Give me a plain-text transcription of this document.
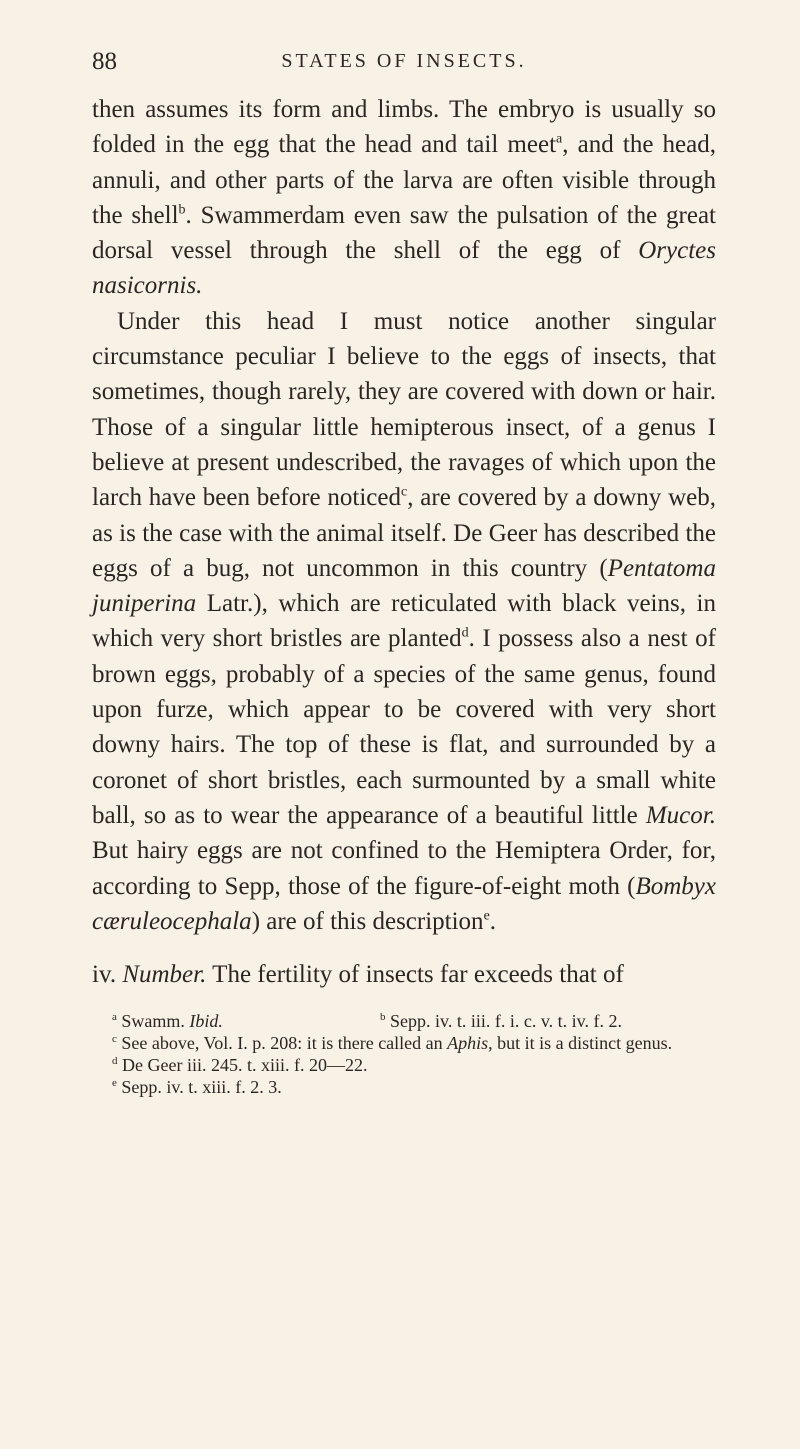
88	STATES OF INSECTS.

then assumes its form and limbs. The embryo is usually so folded in the egg that the head and tail meet$^a$, and the head, annuli, and other parts of the larva are often visible through the shell$^b$. Swammerdam even saw the pulsation of the great dorsal vessel through the shell of the egg of Oryctes nasicornis.

Under this head I must notice another singular circumstance peculiar I believe to the eggs of insects, that sometimes, though rarely, they are covered with down or hair. Those of a singular little hemipterous insect, of a genus I believe at present undescribed, the ravages of which upon the larch have been before noticed$^c$, are covered by a downy web, as is the case with the animal itself. De Geer has described the eggs of a bug, not uncommon in this country (Pentatoma juniperina Latr.), which are reticulated with black veins, in which very short bristles are planted$^d$. I possess also a nest of brown eggs, probably of a species of the same genus, found upon furze, which appear to be covered with very short downy hairs. The top of these is flat, and surrounded by a coronet of short bristles, each surmounted by a small white ball, so as to wear the appearance of a beautiful little Mucor. But hairy eggs are not confined to the Hemiptera Order, for, according to Sepp, those of the figure-of-eight moth (Bombyx cæruleocephala) are of this description$^e$.

iv. Number. The fertility of insects far exceeds that of

$^a$ Swamm. Ibid.	$^b$ Sepp. iv. t. iii. f. i. c. v. t. iv. f. 2.

$^c$ See above, Vol. I. p. 208: it is there called an Aphis, but it is a distinct genus.

$^d$ De Geer iii. 245. t. xiii. f. 20—22.

$^e$ Sepp. iv. t. xiii. f. 2. 3.
